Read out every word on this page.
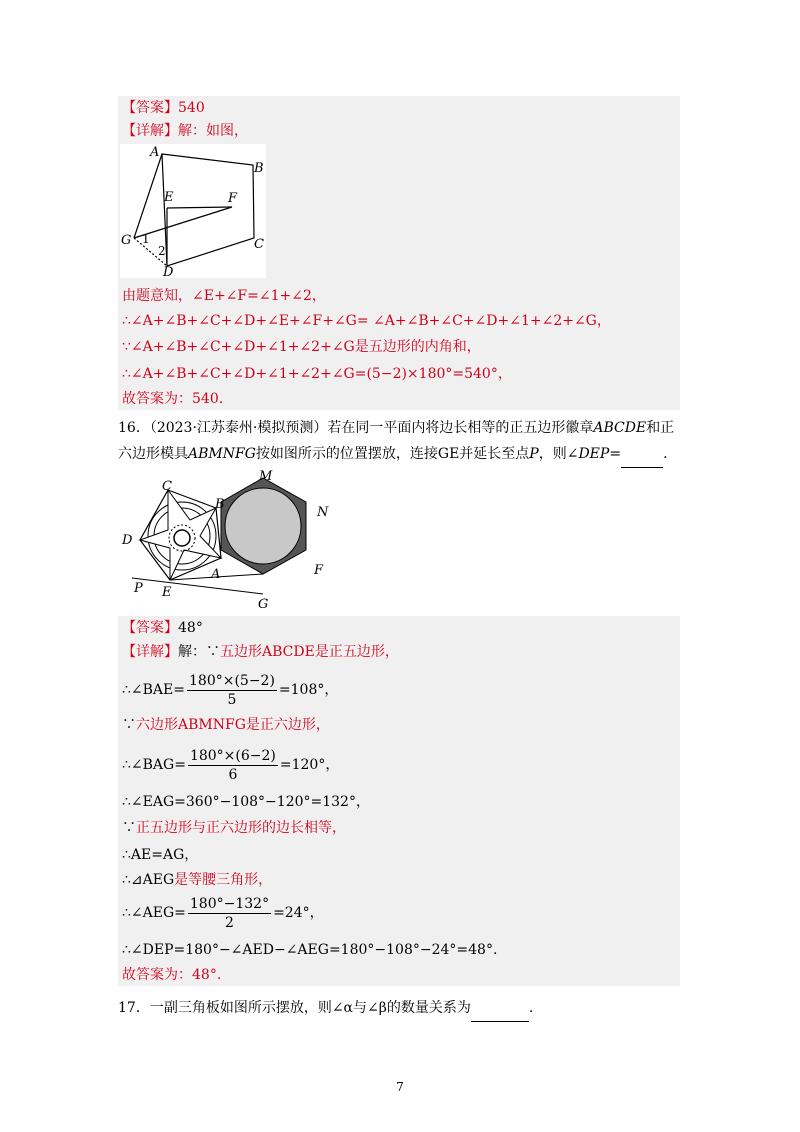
【答案】540
【详解】解：如图，
A
B
C
D
E	F
G 1
2
由题意知，∠E+∠F=∠1+∠2，
∴∠A+∠B+∠C+∠D+∠E+∠F+∠G= ∠A+∠B+∠C+∠D+∠1+∠2+∠G，
∵∠A+∠B+∠C+∠D+∠1+∠2+∠G是五边形的内角和，
∴∠A+∠B+∠C+∠D+∠1+∠2+∠G=(5−2)×180°=540°，
故答案为：540.
16．（2023·江苏泰州·模拟预测）若在同一平面内将边长相等的正五边形徽章ABCDE和正
六边形模具ABMNFG按如图所示的位置摆放，连接GE并延长至点P，则∠DEP=	.
C
B
M
N
D
A	F
P E
G
【答案】48°
【详解】解：∵五边形ABCDE是正五边形，
∴∠BAE= $\frac{180^\circ\times(5-2)}{5} =108^\circ$，
∵六边形ABMNFG是正六边形，
∴∠BAG= $\frac{180^\circ\times(6-2)}{6} =120^\circ$，
∴∠EAG=360°−108°−120°=132°，
∵正五边形与正六边形的边长相等，
∴AE=AG，
∴⊿AEG是等腰三角形，
∴∠AEG= $\frac{180^\circ-132^\circ}{2} =24^\circ$，
∴∠DEP=180°−∠AED−∠AEG=180°−108°−24°=48°.
故答案为：48°.
17．一副三角板如图所示摆放，则∠α与∠β的数量关系为	.
7
